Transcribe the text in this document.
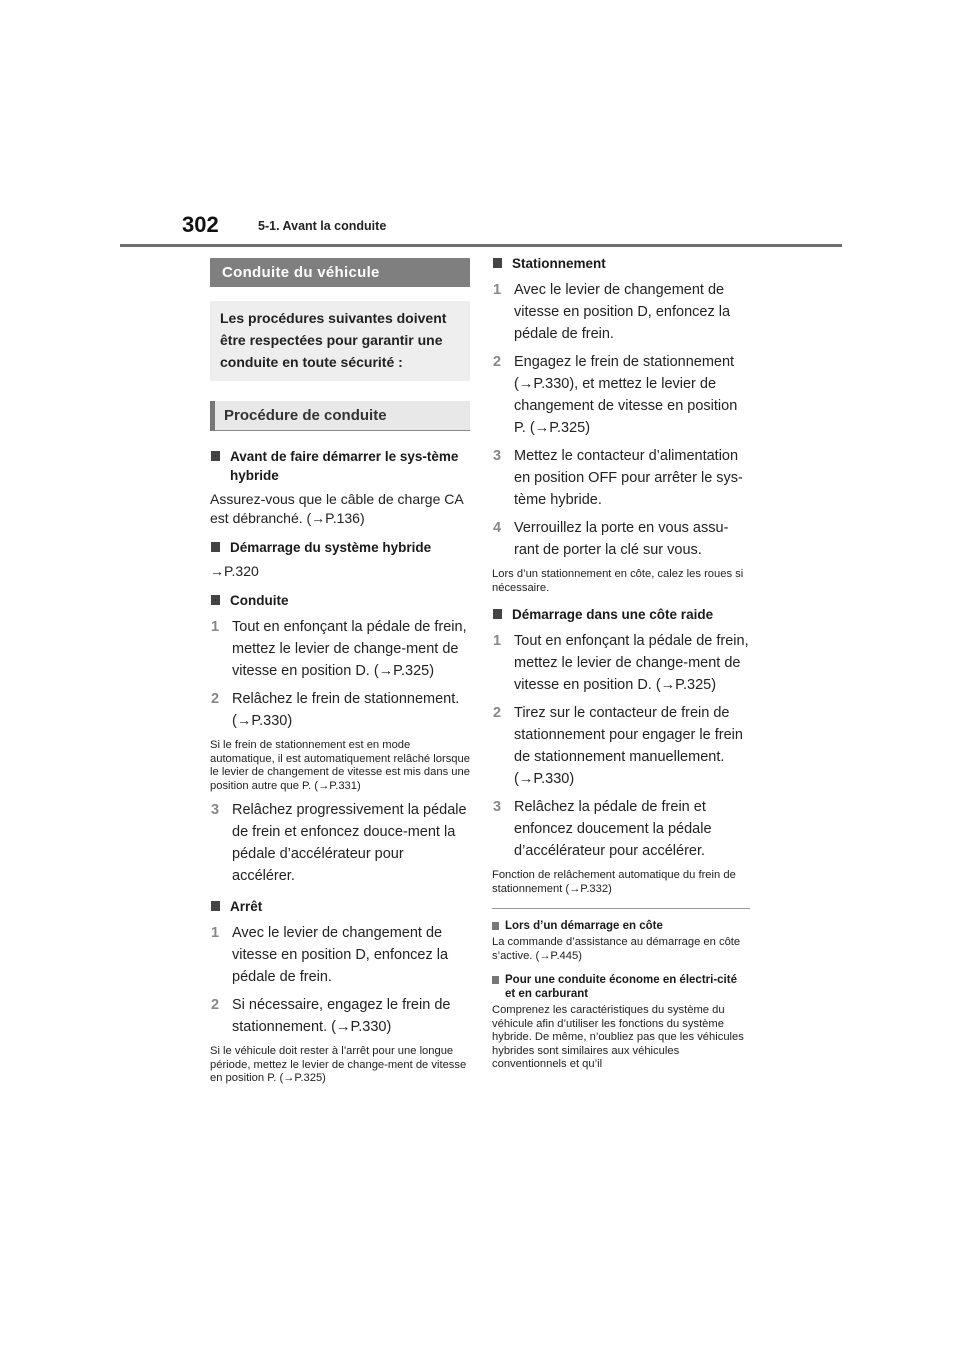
302	5-1. Avant la conduite
Conduite du véhicule
Les procédures suivantes doivent être respectées pour garantir une conduite en toute sécurité :
Procédure de conduite
Avant de faire démarrer le sys-tème hybride
Assurez-vous que le câble de charge CA est débranché. (→P.136)
Démarrage du système hybride
→P.320
Conduite
1 Tout en enfonçant la pédale de frein, mettez le levier de change-ment de vitesse en position D. (→P.325)
2 Relâchez le frein de stationnement. (→P.330)
Si le frein de stationnement est en mode automatique, il est automatiquement relâché lorsque le levier de changement de vitesse est mis dans une position autre que P. (→P.331)
3 Relâchez progressivement la pédale de frein et enfoncez douce-ment la pédale d’accélérateur pour accélérer.
Arrêt
1 Avec le levier de changement de vitesse en position D, enfoncez la pédale de frein.
2 Si nécessaire, engagez le frein de stationnement. (→P.330)
Si le véhicule doit rester à l’arrêt pour une longue période, mettez le levier de change-ment de vitesse en position P. (→P.325)
Stationnement
1 Avec le levier de changement de vitesse en position D, enfoncez la pédale de frein.
2 Engagez le frein de stationnement (→P.330), et mettez le levier de changement de vitesse en position P. (→P.325)
3 Mettez le contacteur d’alimentation en position OFF pour arrêter le sys-tème hybride.
4 Verrouillez la porte en vous assu-rant de porter la clé sur vous.
Lors d’un stationnement en côte, calez les roues si nécessaire.
Démarrage dans une côte raide
1 Tout en enfonçant la pédale de frein, mettez le levier de change-ment de vitesse en position D. (→P.325)
2 Tirez sur le contacteur de frein de stationnement pour engager le frein de stationnement manuellement. (→P.330)
3 Relâchez la pédale de frein et enfoncez doucement la pédale d’accélérateur pour accélérer.
Fonction de relâchement automatique du frein de stationnement (→P.332)
Lors d’un démarrage en côte
La commande d’assistance au démarrage en côte s’active. (→P.445)
Pour une conduite économe en électri-cité et en carburant
Comprenez les caractéristiques du système du véhicule afin d’utiliser les fonctions du système hybride. De même, n’oubliez pas que les véhicules hybrides sont similaires aux véhicules conventionnels et qu’il
